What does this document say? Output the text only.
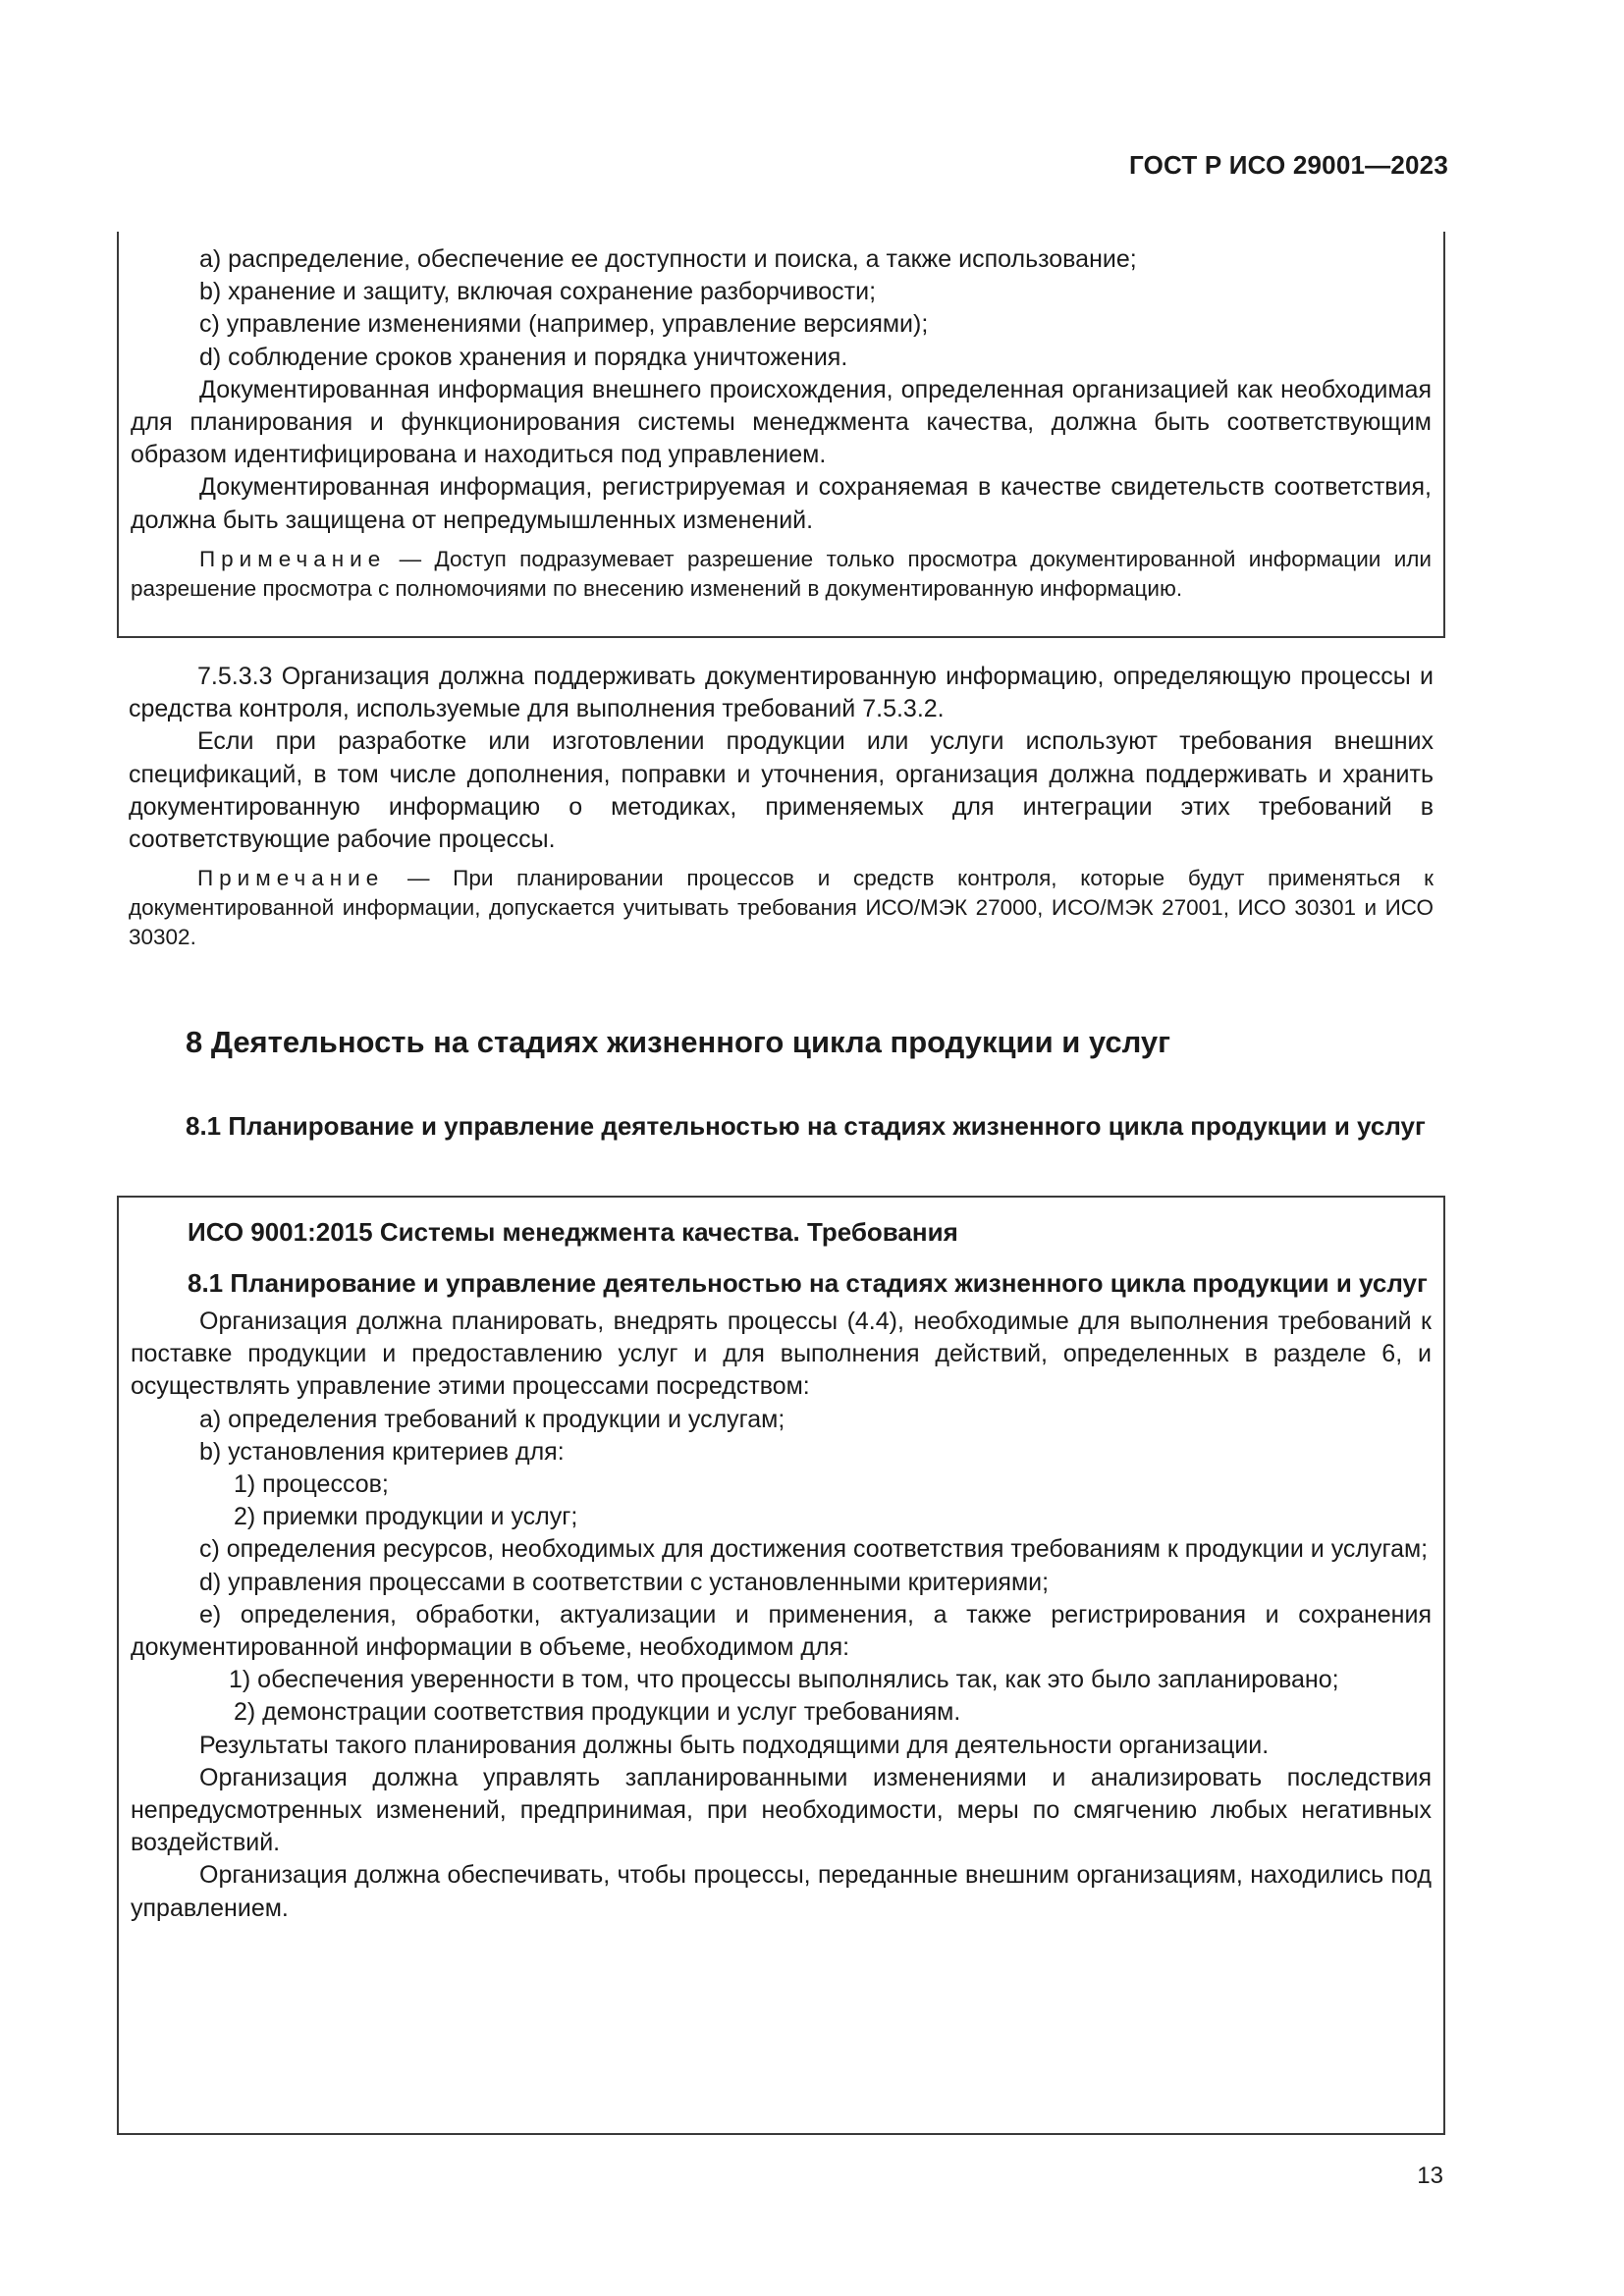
ГОСТ Р ИСО 29001—2023

a) распределение, обеспечение ее доступности и поиска, а также использование;

b) хранение и защиту, включая сохранение разборчивости;

c) управление изменениями (например, управление версиями);

d) соблюдение сроков хранения и порядка уничтожения.

Документированная информация внешнего происхождения, определенная организацией как необходимая для планирования и функционирования системы менеджмента качества, должна быть соответствующим образом идентифицирована и находиться под управлением.

Документированная информация, регистрируемая и сохраняемая в качестве свидетельств соответствия, должна быть защищена от непредумышленных изменений.

Примечание — Доступ подразумевает разрешение только просмотра документированной информации или разрешение просмотра с полномочиями по внесению изменений в документированную информацию.

7.5.3.3 Организация должна поддерживать документированную информацию, определяющую процессы и средства контроля, используемые для выполнения требований 7.5.3.2.

Если при разработке или изготовлении продукции или услуги используют требования внешних спецификаций, в том числе дополнения, поправки и уточнения, организация должна поддерживать и хранить документированную информацию о методиках, применяемых для интеграции этих требований в соответствующие рабочие процессы.

Примечание — При планировании процессов и средств контроля, которые будут применяться к документированной информации, допускается учитывать требования ИСО/МЭК 27000, ИСО/МЭК 27001, ИСО 30301 и ИСО 30302.

8 Деятельность на стадиях жизненного цикла продукции и услуг
8.1 Планирование и управление деятельностью на стадиях жизненного цикла продукции и услуг

ИСО 9001:2015 Системы менеджмента качества. Требования

8.1 Планирование и управление деятельностью на стадиях жизненного цикла продукции и услуг

Организация должна планировать, внедрять процессы (4.4), необходимые для выполнения требований к поставке продукции и предоставлению услуг и для выполнения действий, определенных в разделе 6, и осуществлять управление этими процессами посредством:

a) определения требований к продукции и услугам;

b) установления критериев для:

1) процессов;

2) приемки продукции и услуг;

c) определения ресурсов, необходимых для достижения соответствия требованиям к продукции и услугам;

d) управления процессами в соответствии с установленными критериями;

e) определения, обработки, актуализации и применения, а также регистрирования и сохранения документированной информации в объеме, необходимом для:

1) обеспечения уверенности в том, что процессы выполнялись так, как это было запланировано;

2) демонстрации соответствия продукции и услуг требованиям.

Результаты такого планирования должны быть подходящими для деятельности организации.

Организация должна управлять запланированными изменениями и анализировать последствия непредусмотренных изменений, предпринимая, при необходимости, меры по смягчению любых негативных воздействий.

Организация должна обеспечивать, чтобы процессы, переданные внешним организациям, находились под управлением.

13
